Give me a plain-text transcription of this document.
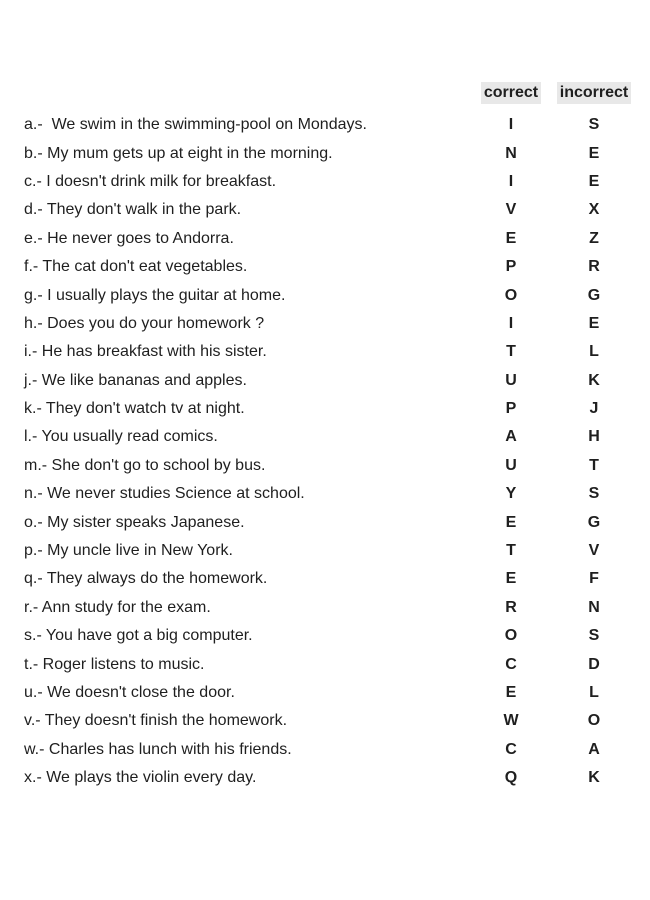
correct incorrect
a.-  We swim in the swimming-pool on Mondays.	I	S
b.- My mum gets up at eight in the morning.	N	E
c.- I doesn't drink milk for breakfast.	I	E
d.- They don't walk in the park.	V	X
e.- He never goes to Andorra.	E	Z
f.- The cat don't eat vegetables.	P	R
g.- I usually plays the guitar at home.	O	G
h.- Does you do your homework ?	I	E
i.- He has breakfast with his sister.	T	L
j.- We like bananas and apples.	U	K
k.- They don't watch tv at night.	P	J
l.- You usually read comics.	A	H
m.- She don't go to school by bus.	U	T
n.- We never studies Science at school.	Y	S
o.- My sister speaks Japanese.	E	G
p.- My uncle live in New York.	T	V
q.- They always do the homework.	E	F
r.- Ann study for the exam.	R	N
s.- You have got a big computer.	O	S
t.- Roger listens to music.	C	D
u.- We doesn't close the door.	E	L
v.- They doesn't finish the homework.	W	O
w.- Charles has lunch with his friends.	C	A
x.- We plays the violin every day.	Q	K
